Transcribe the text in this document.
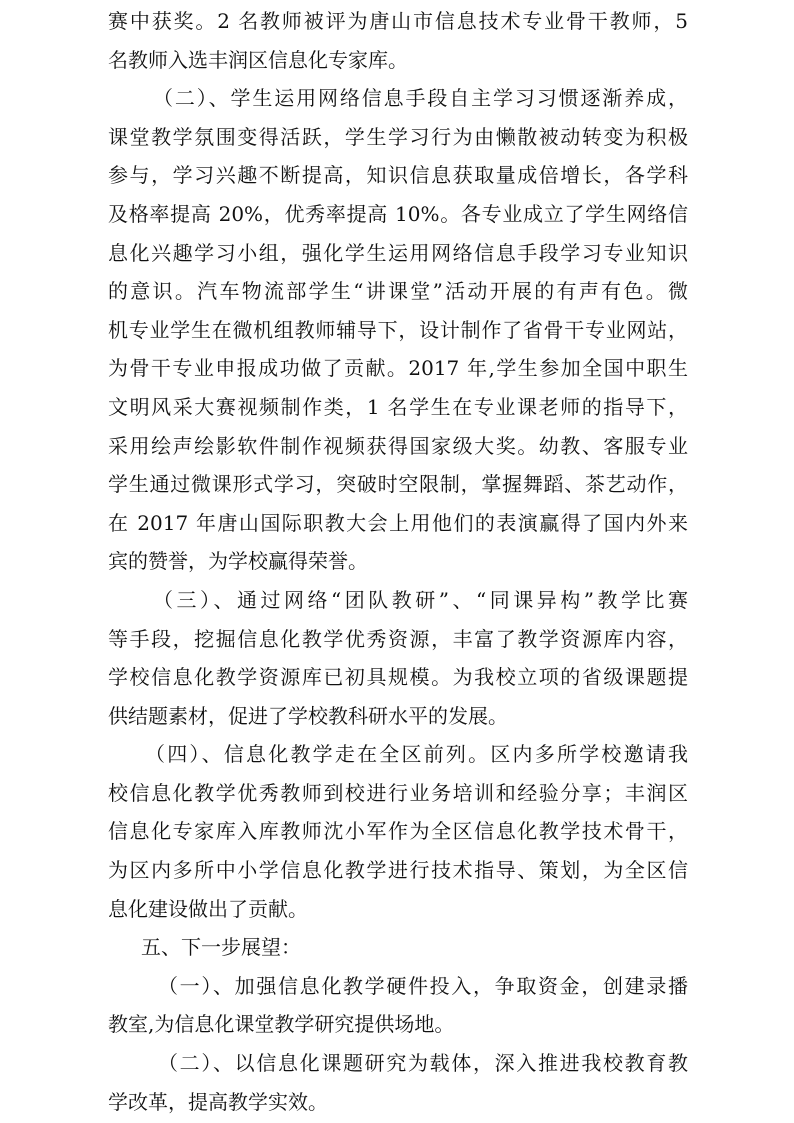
赛中获奖。2 名教师被评为唐山市信息技术专业骨干教师，5
名教师入选丰润区信息化专家库。
（二）、学生运用网络信息手段自主学习习惯逐渐养成，
课堂教学氛围变得活跃，学生学习行为由懒散被动转变为积极
参与，学习兴趣不断提高，知识信息获取量成倍增长，各学科
及格率提高 20%，优秀率提高 10%。各专业成立了学生网络信
息化兴趣学习小组，强化学生运用网络信息手段学习专业知识
的意识。汽车物流部学生“讲课堂”活动开展的有声有色。微
机专业学生在微机组教师辅导下，设计制作了省骨干专业网站，
为骨干专业申报成功做了贡献。2017 年,学生参加全国中职生
文明风采大赛视频制作类，1 名学生在专业课老师的指导下，
采用绘声绘影软件制作视频获得国家级大奖。幼教、客服专业
学生通过微课形式学习，突破时空限制，掌握舞蹈、茶艺动作，
在 2017 年唐山国际职教大会上用他们的表演赢得了国内外来
宾的赞誉，为学校赢得荣誉。
（三）、通过网络“团队教研”、“同课异构”教学比赛
等手段，挖掘信息化教学优秀资源，丰富了教学资源库内容，
学校信息化教学资源库已初具规模。为我校立项的省级课题提
供结题素材，促进了学校教科研水平的发展。
（四）、信息化教学走在全区前列。区内多所学校邀请我
校信息化教学优秀教师到校进行业务培训和经验分享；丰润区
信息化专家库入库教师沈小军作为全区信息化教学技术骨干，
为区内多所中小学信息化教学进行技术指导、策划，为全区信
息化建设做出了贡献。
五、下一步展望：
（一）、加强信息化教学硬件投入，争取资金，创建录播
教室,为信息化课堂教学研究提供场地。
（二）、以信息化课题研究为载体，深入推进我校教育教
学改革，提高教学实效。
